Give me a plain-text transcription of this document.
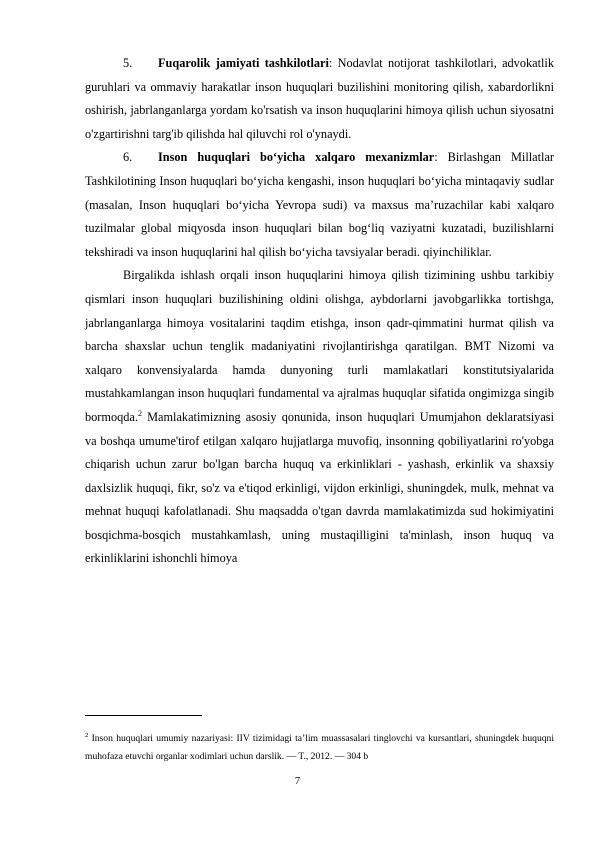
5. Fuqarolik jamiyati tashkilotlari: Nodavlat notijorat tashkilotlari, advokatlik guruhlari va ommaviy harakatlar inson huquqlari buzilishini monitoring qilish, xabardorlikni oshirish, jabrlanganlarga yordam ko'rsatish va inson huquqlarini himoya qilish uchun siyosatni o'zgartirishni targ'ib qilishda hal qiluvchi rol o'ynaydi.

6. Inson huquqlari bo‘yicha xalqaro mexanizmlar: Birlashgan Millatlar Tashkilotining Inson huquqlari bo‘yicha kengashi, inson huquqlari bo‘yicha mintaqaviy sudlar (masalan, Inson huquqlari bo‘yicha Yevropa sudi) va maxsus ma’ruzachilar kabi xalqaro tuzilmalar global miqyosda inson huquqlari bilan bog‘liq vaziyatni kuzatadi, buzilishlarni tekshiradi va inson huquqlarini hal qilish bo‘yicha tavsiyalar beradi. qiyinchiliklar.

Birgalikda ishlash orqali inson huquqlarini himoya qilish tizimining ushbu tarkibiy qismlari inson huquqlari buzilishining oldini olishga, aybdorlarni javobgarlikka tortishga, jabrlanganlarga himoya vositalarini taqdim etishga, inson qadr-qimmatini hurmat qilish va barcha shaxslar uchun tenglik madaniyatini rivojlantirishga qaratilgan. BMT Nizomi va xalqaro konvensiyalarda hamda dunyoning turli mamlakatlari konstitutsiyalarida mustahkamlangan inson huquqlari fundamental va ajralmas huquqlar sifatida ongimizga singib bormoqda.$^2$ Mamlakatimizning asosiy qonunida, inson huquqlari Umumjahon deklaratsiyasi va boshqa umume'tirof etilgan xalqaro hujjatlarga muvofiq, insonning qobiliyatlarini ro'yobga chiqarish uchun zarur bo'lgan barcha huquq va erkinliklari - yashash, erkinlik va shaxsiy daxlsizlik huquqi, fikr, so'z va e'tiqod erkinligi, vijdon erkinligi, shuningdek, mulk, mehnat va mehnat huquqi kafolatlanadi. Shu maqsadda o'tgan davrda mamlakatimizda sud hokimiyatini bosqichma-bosqich mustahkamlash, uning mustaqilligini ta'minlash, inson huquq va erkinliklarini ishonchli himoya

$^2$ Inson huquqlari umumiy nazariyasi: IIV tizimidagi ta’lim muassasalari tinglovchi va kursantlari, shuningdek huquqni muhofaza etuvchi organlar xodimlari uchun darslik. — T., 2012. — 304 b
7
